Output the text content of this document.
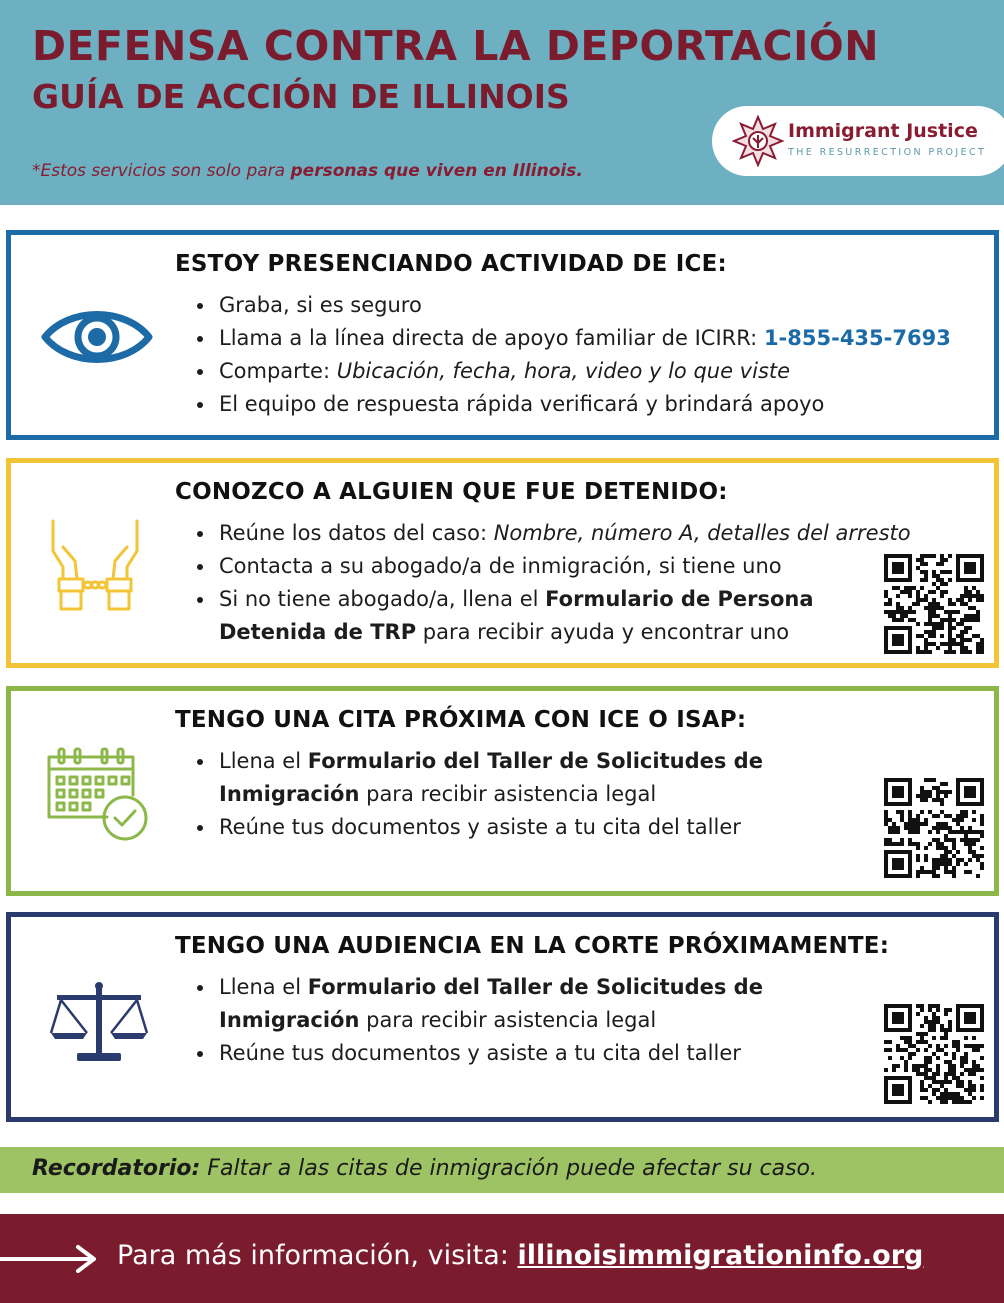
DEFENSA CONTRA LA DEPORTACIÓN
GUÍA DE ACCIÓN DE ILLINOIS
*Estos servicios son solo para personas que viven en Illinois.
Immigrant Justice
THE RESURRECTION PROJECT
ESTOY PRESENCIANDO ACTIVIDAD DE ICE:
Graba, si es seguro
Llama a la línea directa de apoyo familiar de ICIRR: 1-855-435-7693
Comparte: Ubicación, fecha, hora, video y lo que viste
El equipo de respuesta rápida verificará y brindará apoyo
CONOZCO A ALGUIEN QUE FUE DETENIDO:
Reúne los datos del caso: Nombre, número A, detalles del arresto
Contacta a su abogado/a de inmigración, si tiene uno
Si no tiene abogado/a, llena el Formulario de Persona
Detenida de TRP para recibir ayuda y encontrar uno
TENGO UNA CITA PRÓXIMA CON ICE O ISAP:
Llena el Formulario del Taller de Solicitudes de
Inmigración para recibir asistencia legal
Reúne tus documentos y asiste a tu cita del taller
TENGO UNA AUDIENCIA EN LA CORTE PRÓXIMAMENTE:
Llena el Formulario del Taller de Solicitudes de
Inmigración para recibir asistencia legal
Reúne tus documentos y asiste a tu cita del taller
Recordatorio: Faltar a las citas de inmigración puede afectar su caso.
Para más información, visita: illinoisimmigrationinfo.org
